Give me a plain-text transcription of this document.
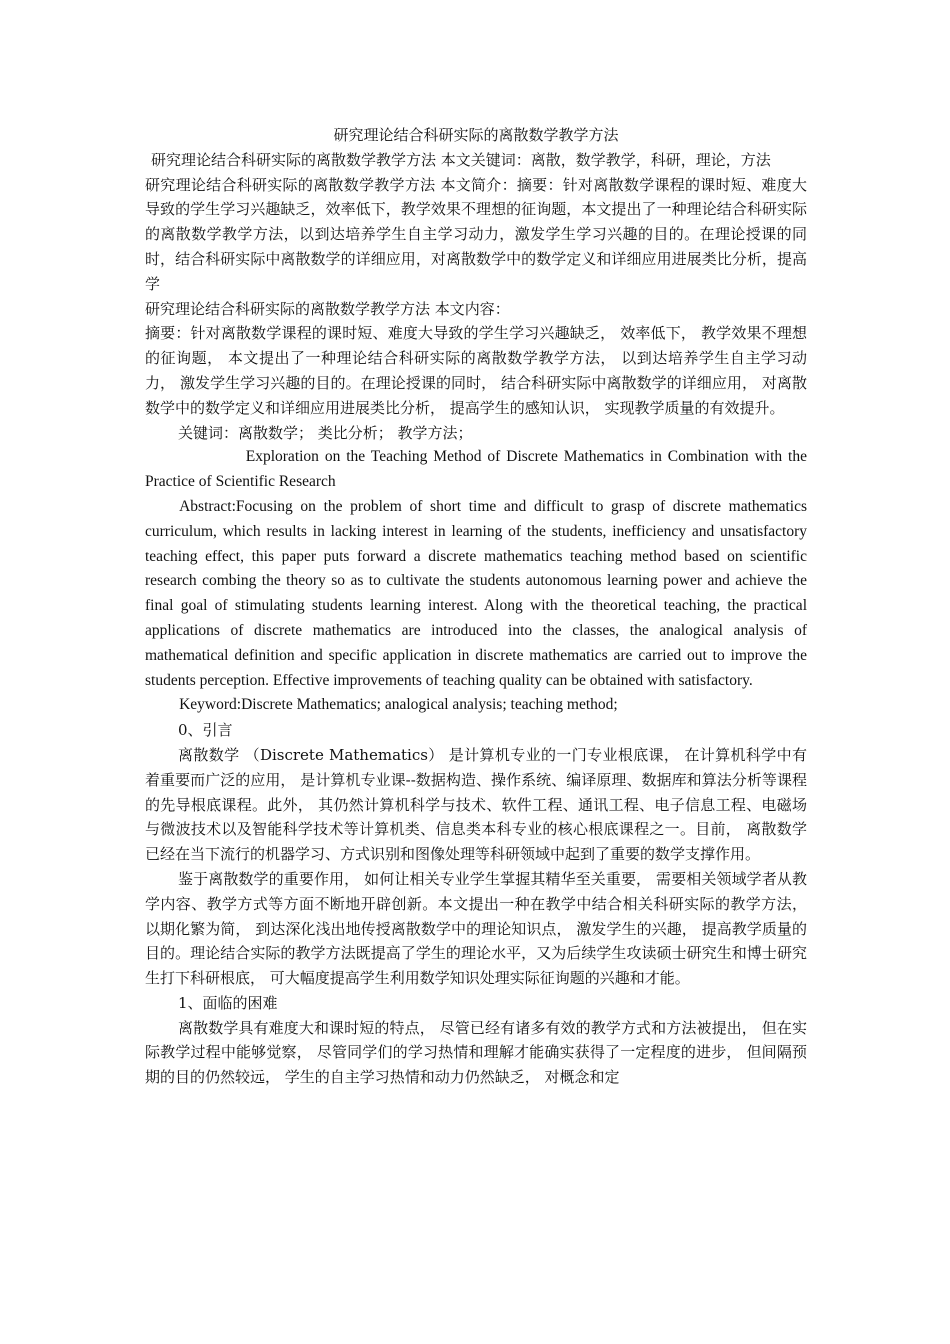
研究理论结合科研实际的离散数学教学方法

研究理论结合科研实际的离散数学教学方法 本文关键词：离散，数学教学，科研，理论，方法

研究理论结合科研实际的离散数学教学方法 本文简介：摘要：针对离散数学课程的课时短、难度大导致的学生学习兴趣缺乏，效率低下，教学效果不理想的征询题，本文提出了一种理论结合科研实际的离散数学教学方法，以到达培养学生自主学习动力，激发学生学习兴趣的目的。在理论授课的同时，结合科研实际中离散数学的详细应用，对离散数学中的数学定义和详细应用进展类比分析，提高学

研究理论结合科研实际的离散数学教学方法 本文内容：

摘要：针对离散数学课程的课时短、难度大导致的学生学习兴趣缺乏， 效率低下， 教学效果不理想的征询题， 本文提出了一种理论结合科研实际的离散数学教学方法， 以到达培养学生自主学习动力， 激发学生学习兴趣的目的。在理论授课的同时， 结合科研实际中离散数学的详细应用， 对离散数学中的数学定义和详细应用进展类比分析， 提高学生的感知认识， 实现教学质量的有效提升。

关键词：离散数学； 类比分析； 教学方法；

Exploration on the Teaching Method of Discrete Mathematics in Combination with the Practice of Scientific Research

Abstract:Focusing on the problem of short time and difficult to grasp of discrete mathematics curriculum, which results in lacking interest in learning of the students, inefficiency and unsatisfactory teaching effect, this paper puts forward a discrete mathematics teaching method based on scientific research combing the theory so as to cultivate the students autonomous learning power and achieve the final goal of stimulating students learning interest. Along with the theoretical teaching, the practical applications of discrete mathematics are introduced into the classes, the analogical analysis of mathematical definition and specific application in discrete mathematics are carried out to improve the students perception. Effective improvements of teaching quality can be obtained with satisfactory.

Keyword:Discrete Mathematics; analogical analysis; teaching method;

0、引言

离散数学 （Discrete Mathematics） 是计算机专业的一门专业根底课， 在计算机科学中有着重要而广泛的应用， 是计算机专业课--数据构造、操作系统、编译原理、数据库和算法分析等课程的先导根底课程。此外， 其仍然计算机科学与技术、软件工程、通讯工程、电子信息工程、电磁场与微波技术以及智能科学技术等计算机类、信息类本科专业的核心根底课程之一。目前， 离散数学已经在当下流行的机器学习、方式识别和图像处理等科研领域中起到了重要的数学支撑作用。

鉴于离散数学的重要作用， 如何让相关专业学生掌握其精华至关重要， 需要相关领域学者从教学内容、教学方式等方面不断地开辟创新。本文提出一种在教学中结合相关科研实际的教学方法， 以期化繁为简， 到达深化浅出地传授离散数学中的理论知识点， 激发学生的兴趣， 提高教学质量的目的。理论结合实际的教学方法既提高了学生的理论水平，又为后续学生攻读硕士研究生和博士研究生打下科研根底， 可大幅度提高学生利用数学知识处理实际征询题的兴趣和才能。

1、面临的困难

离散数学具有难度大和课时短的特点， 尽管已经有诸多有效的教学方式和方法被提出， 但在实际教学过程中能够觉察， 尽管同学们的学习热情和理解才能确实获得了一定程度的进步， 但间隔预期的目的仍然较远， 学生的自主学习热情和动力仍然缺乏， 对概念和定
